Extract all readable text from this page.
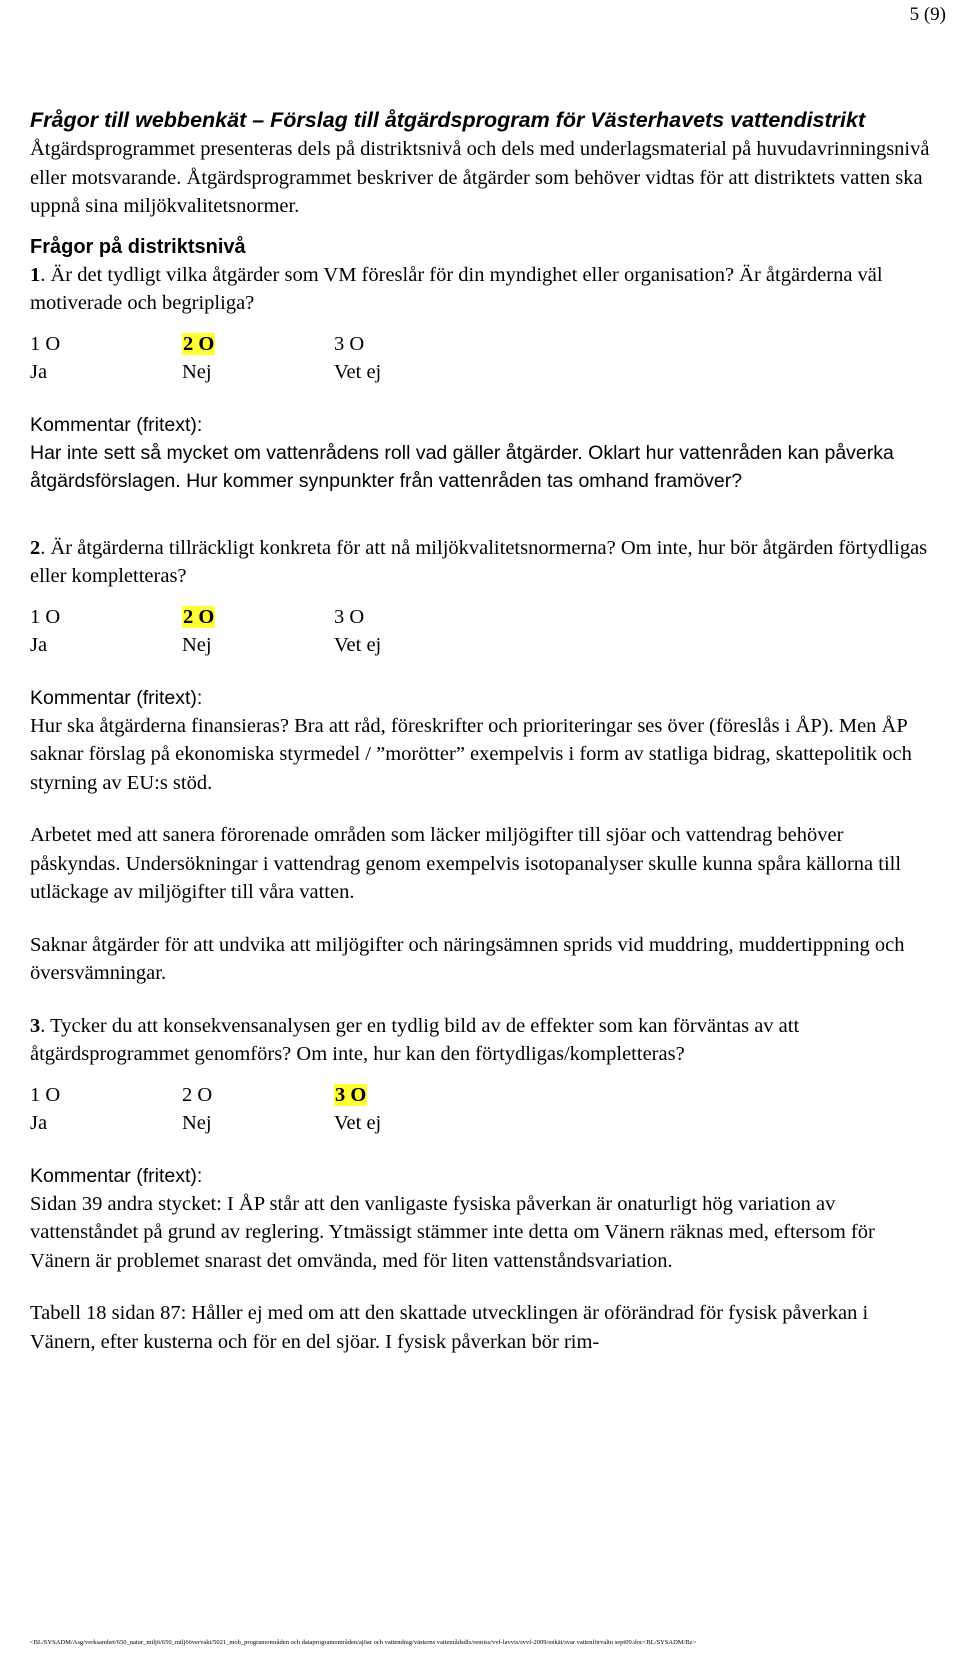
5 (9)
Frågor till webbenkät – Förslag till åtgärdsprogram för Västerhavets vattendistrikt

Åtgärdsprogrammet presenteras dels på distriktsnivå och dels med underlagsmaterial på huvudavrinningsnivå eller motsvarande. Åtgärdsprogrammet beskriver de åtgärder som behöver vidtas för att distriktets vatten ska uppnå sina miljökvalitetsnormer.

Frågor på distriktsnivå

1. Är det tydligt vilka åtgärder som VM föreslår för din myndighet eller organisation? Är åtgärderna väl motiverade och begripliga?

1 O	2 O	3 O
Ja	Nej	Vet ej
Kommentar (fritext):

Har inte sett så mycket om vattenrådens roll vad gäller åtgärder. Oklart hur vattenråden kan påverka åtgärdsförslagen. Hur kommer synpunkter från vattenråden tas omhand framöver?

2. Är åtgärderna tillräckligt konkreta för att nå miljökvalitetsnormerna? Om inte, hur bör åtgärden förtydligas eller kompletteras?

1 O	2 O	3 O
Ja	Nej	Vet ej
Kommentar (fritext):

Hur ska åtgärderna finansieras? Bra att råd, föreskrifter och prioriteringar ses över (föreslås i ÅP). Men ÅP saknar förslag på ekonomiska styrmedel / ”morötter” exempelvis i form av statliga bidrag, skattepolitik och styrning av EU:s stöd.

Arbetet med att sanera förorenade områden som läcker miljögifter till sjöar och vattendrag behöver påskyndas. Undersökningar i vattendrag genom exempelvis isotopanalyser skulle kunna spåra källorna till utläckage av miljögifter till våra vatten.

Saknar åtgärder för att undvika att miljögifter och näringsämnen sprids vid muddring, muddertippning och översvämningar.

3. Tycker du att konsekvensanalysen ger en tydlig bild av de effekter som kan förväntas av att åtgärdsprogrammet genomförs? Om inte, hur kan den förtydligas/kompletteras?

1 O	2 O	3 O
Ja	Nej	Vet ej
Kommentar (fritext):

Sidan 39 andra stycket: I ÅP står att den vanligaste fysiska påverkan är onaturligt hög variation av vattenståndet på grund av reglering. Ytmässigt stämmer inte detta om Vänern räknas med, eftersom för Vänern är problemet snarast det omvända, med för liten vattenståndsvariation.

Tabell 18 sidan 87: Håller ej med om att den skattade utvecklingen är oförändrad för fysisk påverkan i Vänern, efter kusterna och för en del sjöar. I fysisk påverkan bör rim-

<BL/SYSADM/Asg/verksamhet/650_natur_miljö/650_miljöövervakt/5021_mob_programområden och dataprogramområden/ajöar och vattendrag/västerns vattenrådsdfs/remiss/vvf-lavvis/svvf-2009/enkät/svar vattenförvaltn sept09.doc<BL/SYSADM/Bz>
